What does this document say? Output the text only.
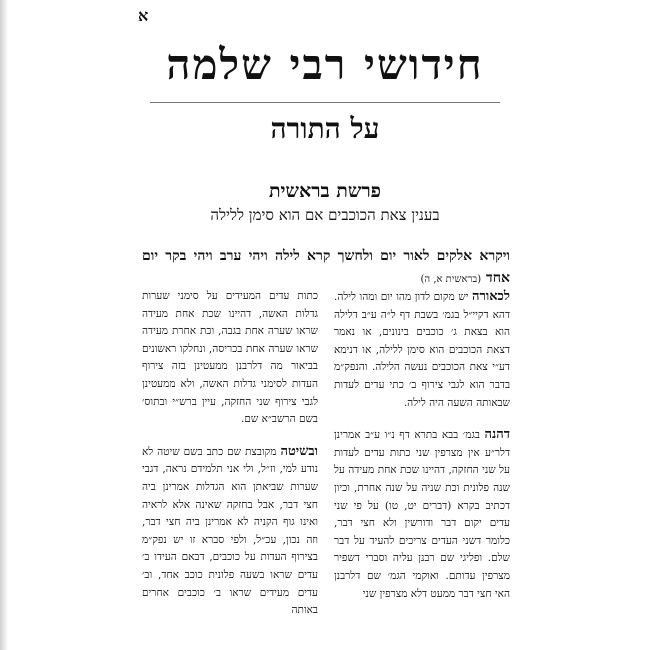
א
חידושי רבי שלמה
על התורה
פרשת בראשית
בענין צאת הכוכבים אם הוא סימן ללילה
ויקרא אלקים לאור יום ולחשך קרא לילה ויהי ערב ויהי בקר יום אחד (בראשית א, ה)
לכאורה יש מקום לדון מהו יום ומהו לילה. דהא דקיי״ל בגמ׳ בשבת דף ל״ה ע״ב דלילה הוא בצאת ג׳ כוכבים בינונים, או נאמר דצאת הכוכבים הוא סימן ללילה, או דנימא דע״י צאת הכוכבים נעשה הלילה. והנפק״מ בדבר הוא לגבי צירוף ב׳ כתי עדים לעדות שבאותה השעה היה לילה.
דהנה בגמ׳ בבא בתרא דף נ״ו ע״ב אמרינן דלר״ע אין מצרפין שני כתות עדים לעדות על שני החזקה, דהיינו שכת אחת מעידה על שנה פלונית וכת שניה על שנה אחרת, וכיון דכתיב בקרא (דברים יט, טו) על פי שני עדים יקום דבר ודורשין ולא חצי דבר, כלומר דשני העדים צריכים להעיד על דבר שלם. ופליגי שם רבנן עליה וסברי דשפיר מצרפין עדותם. ואוקמי הגמ׳ שם דלרבנן האי חצי דבר ממעט דלא מצרפין שני
כתות עדים המעידים על סימני שערות גדלות האשה, דהיינו שכת אחת מעידה שראו שערה אחת בגבה, וכת אחרת מעידה שראו שערה אחת בכריסה, ונחלקו ראשונים בביאור מה דלרבנן ממעטינן בזה צירוף העדות לסימני גדלות האשה, ולא ממעטינן לגבי צירוף שני החזקה, עיין ברש״י ובתוס׳ בשם הרשב״א שם.
ובשיטה מקובצת שם כתב בשם שיטה לא נודע למי, וז״ל, ולי אני תלמידם נראה, דגבי שערות שביאתן הוא הגדלות אמרינן ביה חצי דבר, אבל בחזקה שאינה אלא לראיה ואינו גוף הקניה לא אמרינן ביה חצי דבר, וזה נכון, עכ״ל, ולפי סברא זו יש נפק״מ בצירוף העדות על כוכבים, דבאם העידו ב׳ עדים שראו בשעה פלונית כוכב אחד, וב׳ עדים מעידים שראו ב׳ כוכבים אחרים באותה
